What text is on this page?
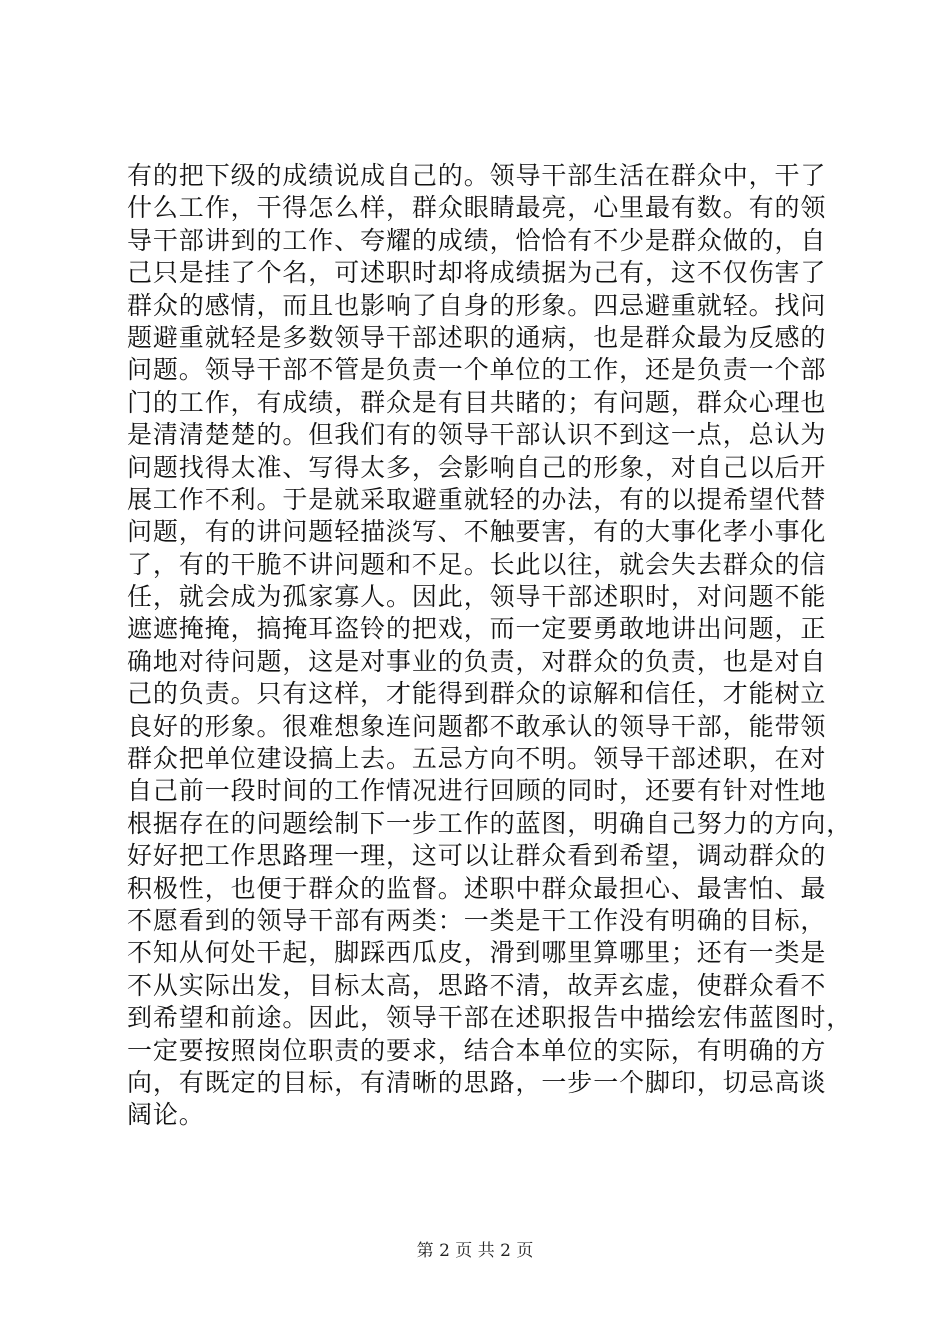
有的把下级的成绩说成自己的。领导干部生活在群众中，干了
什么工作，干得怎么样，群众眼睛最亮，心里最有数。有的领
导干部讲到的工作、夸耀的成绩，恰恰有不少是群众做的，自
己只是挂了个名，可述职时却将成绩据为己有，这不仅伤害了
群众的感情，而且也影响了自身的形象。四忌避重就轻。找问
题避重就轻是多数领导干部述职的通病，也是群众最为反感的
问题。领导干部不管是负责一个单位的工作，还是负责一个部
门的工作，有成绩，群众是有目共睹的；有问题，群众心理也
是清清楚楚的。但我们有的领导干部认识不到这一点，总认为
问题找得太准、写得太多，会影响自己的形象，对自己以后开
展工作不利。于是就采取避重就轻的办法，有的以提希望代替
问题，有的讲问题轻描淡写、不触要害，有的大事化孝小事化
了，有的干脆不讲问题和不足。长此以往，就会失去群众的信
任，就会成为孤家寡人。因此，领导干部述职时，对问题不能
遮遮掩掩，搞掩耳盗铃的把戏，而一定要勇敢地讲出问题，正
确地对待问题，这是对事业的负责，对群众的负责，也是对自
己的负责。只有这样，才能得到群众的谅解和信任，才能树立
良好的形象。很难想象连问题都不敢承认的领导干部，能带领
群众把单位建设搞上去。五忌方向不明。领导干部述职，在对
自己前一段时间的工作情况进行回顾的同时，还要有针对性地
根据存在的问题绘制下一步工作的蓝图，明确自己努力的方向，
好好把工作思路理一理，这可以让群众看到希望，调动群众的
积极性，也便于群众的监督。述职中群众最担心、最害怕、最
不愿看到的领导干部有两类：一类是干工作没有明确的目标，
不知从何处干起，脚踩西瓜皮，滑到哪里算哪里；还有一类是
不从实际出发，目标太高，思路不清，故弄玄虚，使群众看不
到希望和前途。因此，领导干部在述职报告中描绘宏伟蓝图时，
一定要按照岗位职责的要求，结合本单位的实际，有明确的方
向，有既定的目标，有清晰的思路，一步一个脚印，切忌高谈
阔论。
第 2 页 共 2 页
